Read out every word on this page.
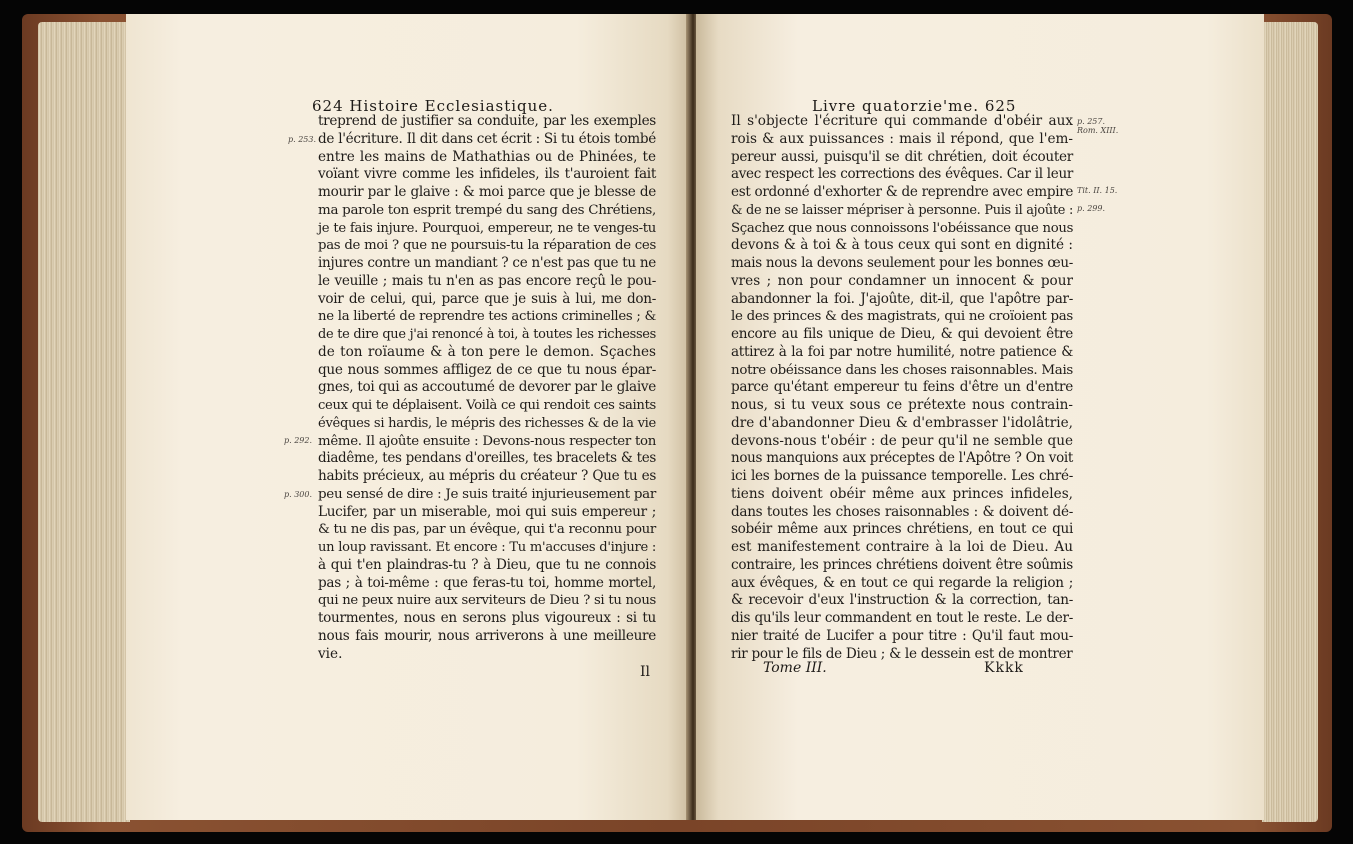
624 Histoire Ecclesiastique.
treprend de justifier sa conduite, par les exemples
de l'écriture. Il dit dans cet écrit : Si tu étois tombé
entre les mains de Mathathias ou de Phinées, te
voïant vivre comme les infideles, ils t'auroient fait
mourir par le glaive : & moi parce que je blesse de
ma parole ton esprit trempé du sang des Chrétiens,
je te fais injure. Pourquoi, empereur, ne te venges-tu
pas de moi ? que ne poursuis-tu la réparation de ces
injures contre un mandiant ? ce n'est pas que tu ne
le veuille ; mais tu n'en as pas encore reçû le pou-
voir de celui, qui, parce que je suis à lui, me don-
ne la liberté de reprendre tes actions criminelles ; &
de te dire que j'ai renoncé à toi, à toutes les richesses
de ton roïaume & à ton pere le demon. Sçaches
que nous sommes affligez de ce que tu nous épar-
gnes, toi qui as accoutumé de devorer par le glaive
ceux qui te déplaisent. Voilà ce qui rendoit ces saints
évêques si hardis, le mépris des richesses & de la vie
même. Il ajoûte ensuite : Devons-nous respecter ton
diadême, tes pendans d'oreilles, tes bracelets & tes
habits précieux, au mépris du créateur ? Que tu es
peu sensé de dire : Je suis traité injurieusement par
Lucifer, par un miserable, moi qui suis empereur ;
& tu ne dis pas, par un évêque, qui t'a reconnu pour
un loup ravissant. Et encore : Tu m'accuses d'injure :
à qui t'en plaindras-tu ? à Dieu, que tu ne connois
pas ; à toi-même : que feras-tu toi, homme mortel,
qui ne peux nuire aux serviteurs de Dieu ? si tu nous
tourmentes, nous en serons plus vigoureux : si tu
nous fais mourir, nous arriverons à une meilleure
vie.
p. 253.
p. 292.
p. 300.
Il
Livre quatorzie'me. 625
Il s'objecte l'écriture qui commande d'obéir aux
rois & aux puissances : mais il répond, que l'em-
pereur aussi, puisqu'il se dit chrétien, doit écouter
avec respect les corrections des évêques. Car il leur
est ordonné d'exhorter & de reprendre avec empire
& de ne se laisser mépriser à personne. Puis il ajoûte :
Sçachez que nous connoissons l'obéissance que nous
devons & à toi & à tous ceux qui sont en dignité :
mais nous la devons seulement pour les bonnes œu-
vres ; non pour condamner un innocent & pour
abandonner la foi. J'ajoûte, dit-il, que l'apôtre par-
le des princes & des magistrats, qui ne croïoient pas
encore au fils unique de Dieu, & qui devoient être
attirez à la foi par notre humilité, notre patience &
notre obéissance dans les choses raisonnables. Mais
parce qu'étant empereur tu feins d'être un d'entre
nous, si tu veux sous ce prétexte nous contrain-
dre d'abandonner Dieu & d'embrasser l'idolâtrie,
devons-nous t'obéir : de peur qu'il ne semble que
nous manquions aux préceptes de l'Apôtre ? On voit
ici les bornes de la puissance temporelle. Les chré-
tiens doivent obéir même aux princes infideles,
dans toutes les choses raisonnables : & doivent dé-
sobéir même aux princes chrétiens, en tout ce qui
est manifestement contraire à la loi de Dieu. Au
contraire, les princes chrétiens doivent être soûmis
aux évêques, & en tout ce qui regarde la religion ;
& recevoir d'eux l'instruction & la correction, tan-
dis qu'ils leur commandent en tout le reste. Le der-
nier traité de Lucifer a pour titre : Qu'il faut mou-
rir pour le fils de Dieu ; & le dessein est de montrer
p. 257.
Rom. XIII.
Tit. II. 15.
p. 299.
Tome III.	Kkkk
